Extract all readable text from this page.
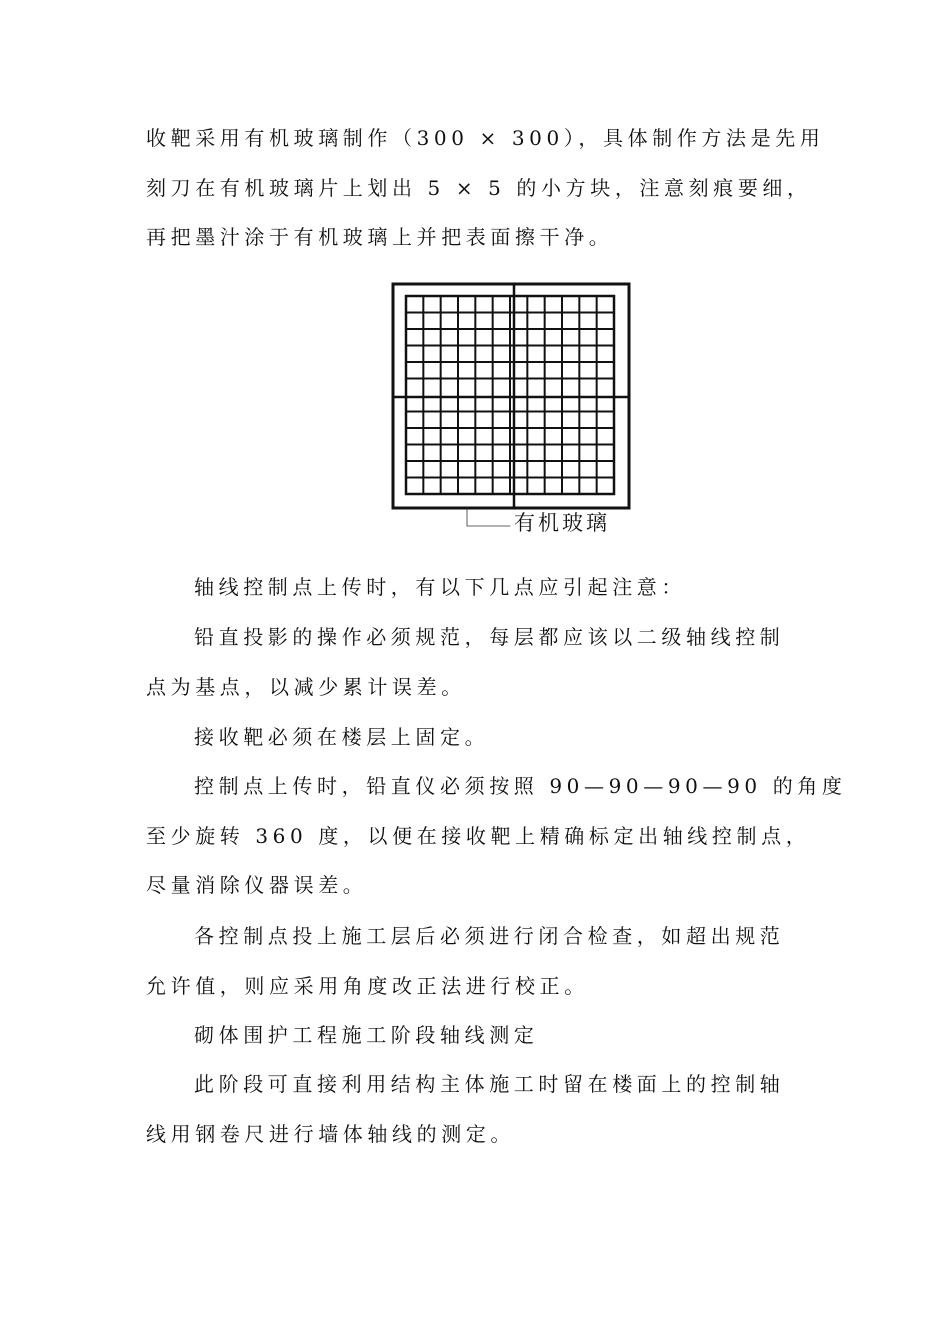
收靶采用有机玻璃制作（300 × 300），具体制作方法是先用
刻刀在有机玻璃片上划出 5 × 5 的小方块，注意刻痕要细，
再把墨汁涂于有机玻璃上并把表面擦干净。

有机玻璃

轴线控制点上传时，有以下几点应引起注意：

铅直投影的操作必须规范，每层都应该以二级轴线控制
点为基点，以减少累计误差。

接收靶必须在楼层上固定。

控制点上传时，铅直仪必须按照 90—90—90—90 的角度
至少旋转 360 度，以便在接收靶上精确标定出轴线控制点，
尽量消除仪器误差。

各控制点投上施工层后必须进行闭合检查，如超出规范
允许值，则应采用角度改正法进行校正。

砌体围护工程施工阶段轴线测定

此阶段可直接利用结构主体施工时留在楼面上的控制轴
线用钢卷尺进行墙体轴线的测定。
